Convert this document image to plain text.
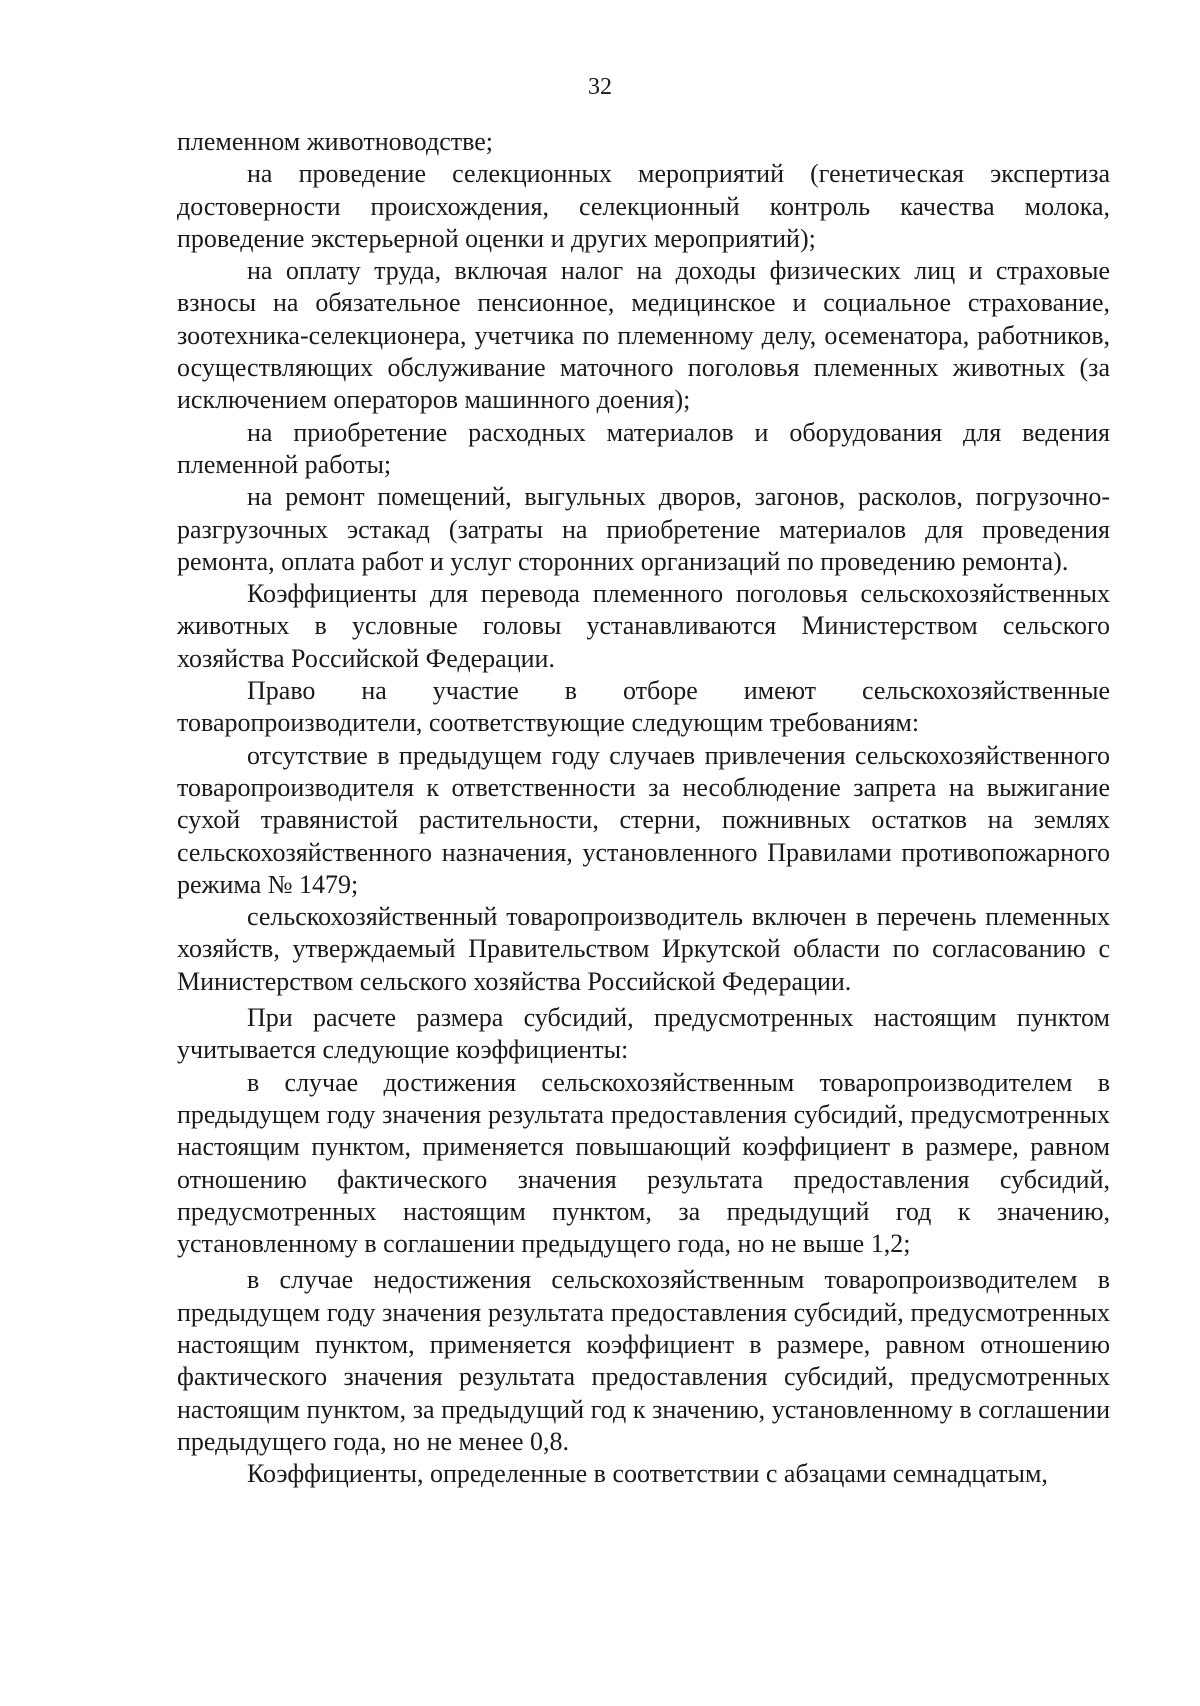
32

племенном животноводстве;

на проведение селекционных мероприятий (генетическая экспертиза достоверности происхождения, селекционный контроль качества молока, проведение экстерьерной оценки и других мероприятий);

на оплату труда, включая налог на доходы физических лиц и страховые взносы на обязательное пенсионное, медицинское и социальное страхование, зоотехника-селекционера, учетчика по племенному делу, осеменатора, работников, осуществляющих обслуживание маточного поголовья племенных животных (за исключением операторов машинного доения);

на приобретение расходных материалов и оборудования для ведения племенной работы;

на ремонт помещений, выгульных дворов, загонов, расколов, погрузочно-разгрузочных эстакад (затраты на приобретение материалов для проведения ремонта, оплата работ и услуг сторонних организаций по проведению ремонта).

Коэффициенты для перевода племенного поголовья сельскохозяйственных животных в условные головы устанавливаются Министерством сельского хозяйства Российской Федерации.

Право на участие в отборе имеют сельскохозяйственные товаропроизводители, соответствующие следующим требованиям:

отсутствие в предыдущем году случаев привлечения сельскохозяйственного товаропроизводителя к ответственности за несоблюдение запрета на выжигание сухой травянистой растительности, стерни, пожнивных остатков на землях сельскохозяйственного назначения, установленного Правилами противопожарного режима № 1479;

сельскохозяйственный товаропроизводитель включен в перечень племенных хозяйств, утверждаемый Правительством Иркутской области по согласованию с Министерством сельского хозяйства Российской Федерации.

При расчете размера субсидий, предусмотренных настоящим пунктом учитывается следующие коэффициенты:

в случае достижения сельскохозяйственным товаропроизводителем в предыдущем году значения результата предоставления субсидий, предусмотренных настоящим пунктом, применяется повышающий коэффициент в размере, равном отношению фактического значения результата предоставления субсидий, предусмотренных настоящим пунктом, за предыдущий год к значению, установленному в соглашении предыдущего года, но не выше 1,2;

в случае недостижения сельскохозяйственным товаропроизводителем в предыдущем году значения результата предоставления субсидий, предусмотренных настоящим пунктом, применяется коэффициент в размере, равном отношению фактического значения результата предоставления субсидий, предусмотренных настоящим пунктом, за предыдущий год к значению, установленному в соглашении предыдущего года, но не менее 0,8.

Коэффициенты, определенные в соответствии с абзацами семнадцатым,
